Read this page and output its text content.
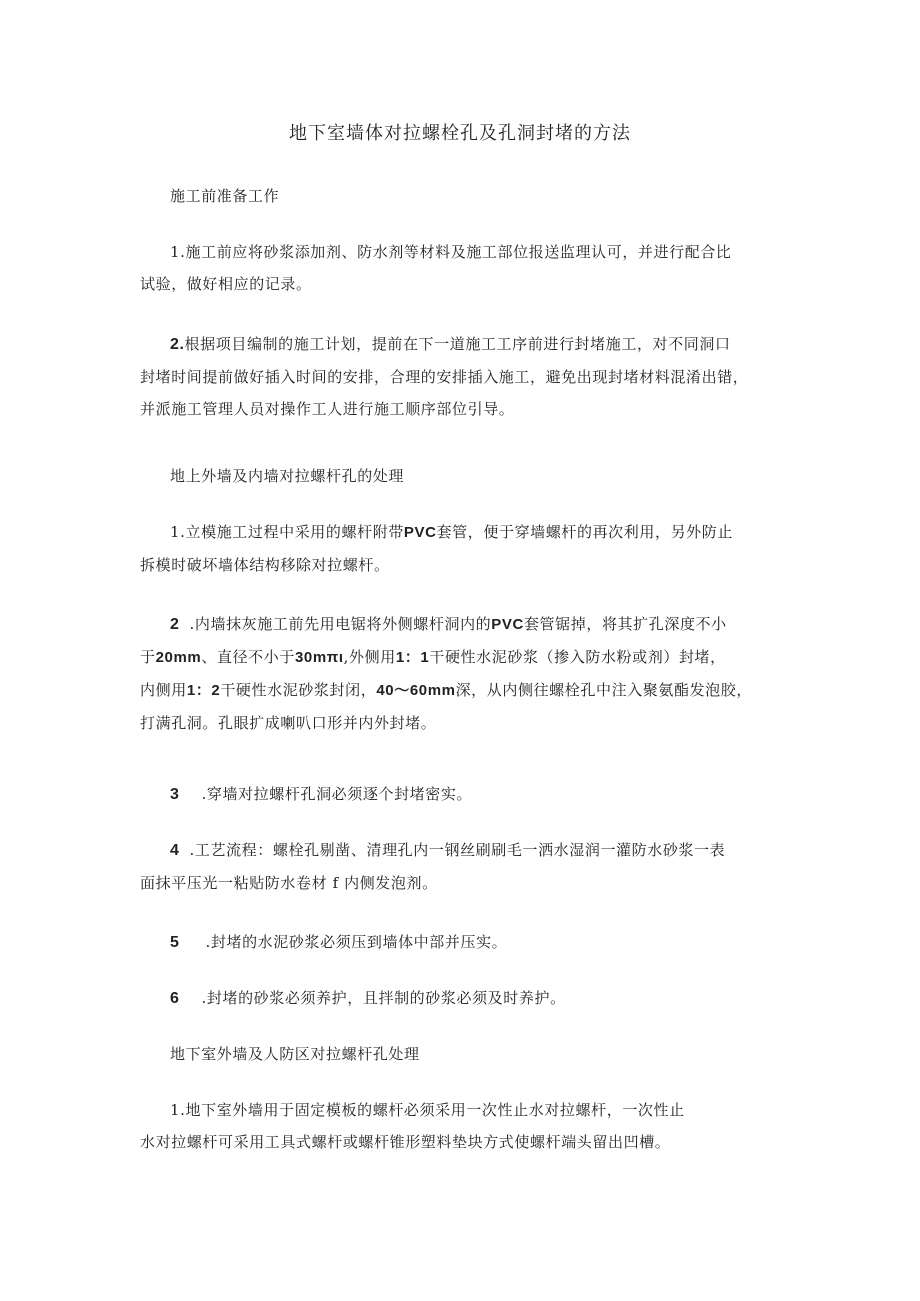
地下室墙体对拉螺栓孔及孔洞封堵的方法
施工前准备工作
1.施工前应将砂浆添加剂、防水剂等材料及施工部位报送监理认可，并进行配合比
试验，做好相应的记录。
2.根据项目编制的施工计划，提前在下一道施工工序前进行封堵施工，对不同洞口
封堵时间提前做好插入时间的安排，合理的安排插入施工，避免出现封堵材料混淆出错，
并派施工管理人员对操作工人进行施工顺序部位引导。
地上外墙及内墙对拉螺杆孔的处理
1.立模施工过程中采用的螺杆附带PVC套管，便于穿墙螺杆的再次利用，另外防止
拆模时破坏墙体结构移除对拉螺杆。
2 .内墙抹灰施工前先用电锯将外侧螺杆洞内的PVC套管锯掉，将其扩孔深度不小
于20mm、直径不小于30mπι,外侧用1：1干硬性水泥砂浆（掺入防水粉或剂）封堵，
内侧用1：2干硬性水泥砂浆封闭，40～60mm深，从内侧往螺栓孔中注入聚氨酯发泡胶，
打满孔洞。孔眼扩成喇叭口形并内外封堵。
3 .穿墙对拉螺杆孔洞必须逐个封堵密实。
4 .工艺流程：螺栓孔剔凿、清理孔内一钢丝刷刷毛一洒水湿润一灌防水砂浆一表
面抹平压光一粘贴防水卷材 f 内侧发泡剂。
5 .封堵的水泥砂浆必须压到墙体中部并压实。
6 .封堵的砂浆必须养护，且拌制的砂浆必须及时养护。
地下室外墙及人防区对拉螺杆孔处理
1.地下室外墙用于固定模板的螺杆必须采用一次性止水对拉螺杆，一次性止
水对拉螺杆可采用工具式螺杆或螺杆锥形塑料垫块方式使螺杆端头留出凹槽。
